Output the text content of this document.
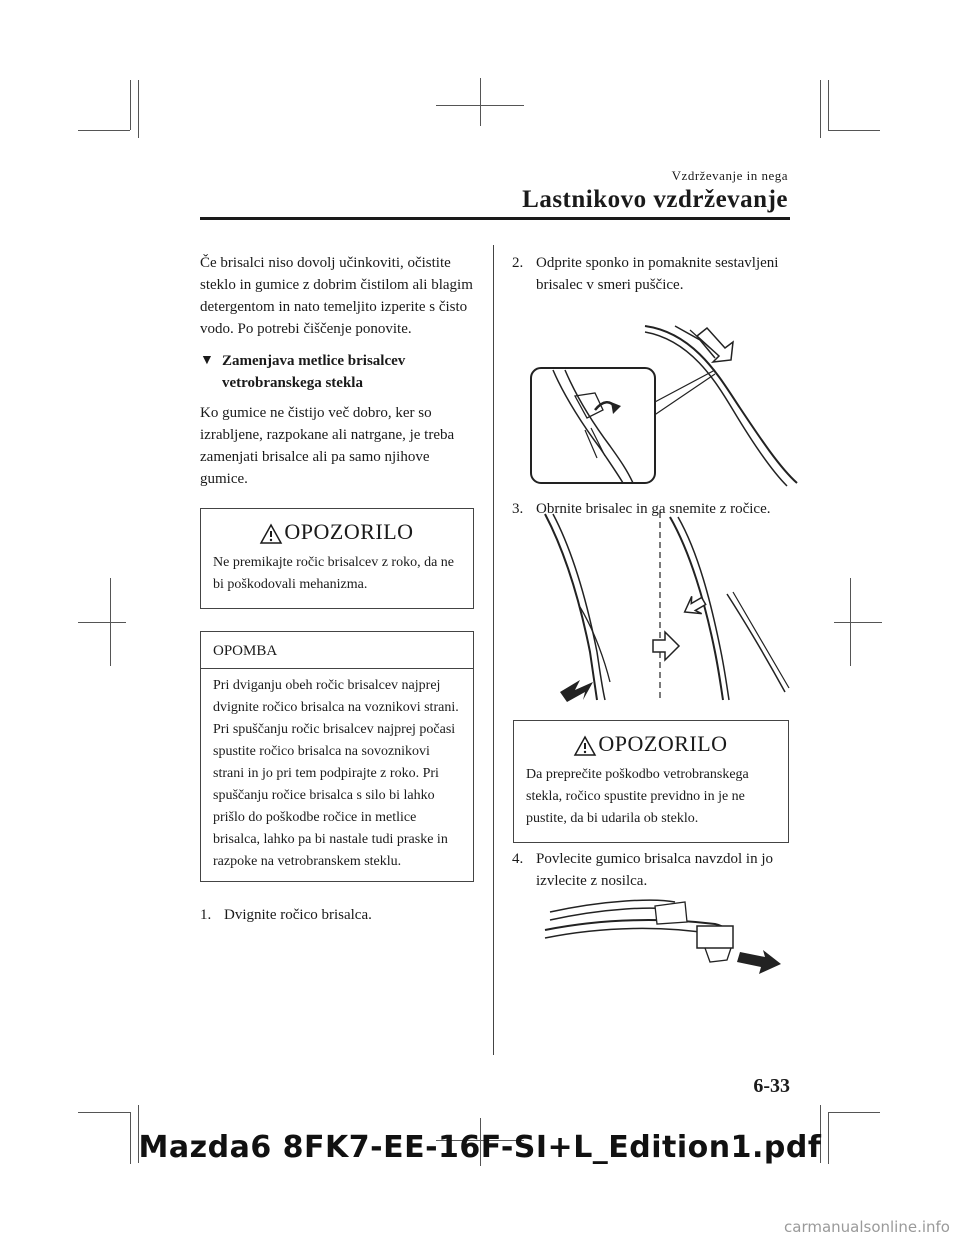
Vzdrževanje in nega
Lastnikovo vzdrževanje

Če brisalci niso dovolj učinkoviti, očistite steklo in gumice z dobrim čistilom ali blagim detergentom in nato temeljito izperite s čisto vodo. Po potrebi čiščenje ponovite.

▼ Zamenjava metlice brisalcev
vetrobranskega stekla

Ko gumice ne čistijo več dobro, ker so izrabljene, razpokane ali natrgane, je treba zamenjati brisalce ali pa samo njihove gumice.

OPOZORILO
Ne premikajte ročic brisalcev z roko, da ne bi poškodovali mehanizma.
OPOMBA
Pri dviganju obeh ročic brisalcev najprej dvignite ročico brisalca na voznikovi strani. Pri spuščanju ročic brisalcev najprej počasi spustite ročico brisalca na sovoznikovi strani in jo pri tem podpirajte z roko. Pri spuščanju ročice brisalca s silo bi lahko prišlo do poškodbe ročice in metlice brisalca, lahko pa bi nastale tudi praske in razpoke na vetrobranskem steklu.
1. Dvignite ročico brisalca.
2. Odprite sponko in pomaknite sestavljeni brisalec v smeri puščice.
3. Obrnite brisalec in ga snemite z ročice.
OPOZORILO
Da preprečite poškodbo vetrobranskega stekla, ročico spustite previdno in je ne pustite, da bi udarila ob steklo.
4. Povlecite gumico brisalca navzdol in jo izvlecite z nosilca.
6-33
Mazda6 8FK7-EE-16F-SI+L_Edition1.pdf
carmanualsonline.info
